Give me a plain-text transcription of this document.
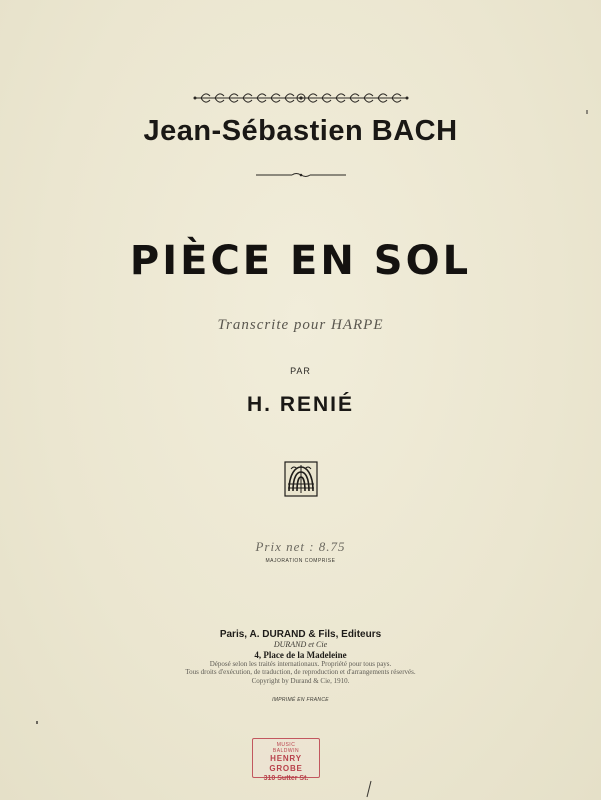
Jean-Sébastien BACH
PIÈCE EN SOL
Transcrite pour HARPE
PAR
H. RENIÉ
Prix net : 8.75
MAJORATION COMPRISE
Paris, A. DURAND & Fils, Editeurs
DURAND et Cie
4, Place de la Madeleine
Déposé selon les traités internationaux. Propriété pour tous pays.
Tous droits d'exécution, de traduction, de reproduction et d'arrangements réservés.
Copyright by Durand & Cie, 1910.
IMPRIMÉ EN FRANCE
MUSIC
BALDWIN
HENRY GROBE
310 Sutter St.
